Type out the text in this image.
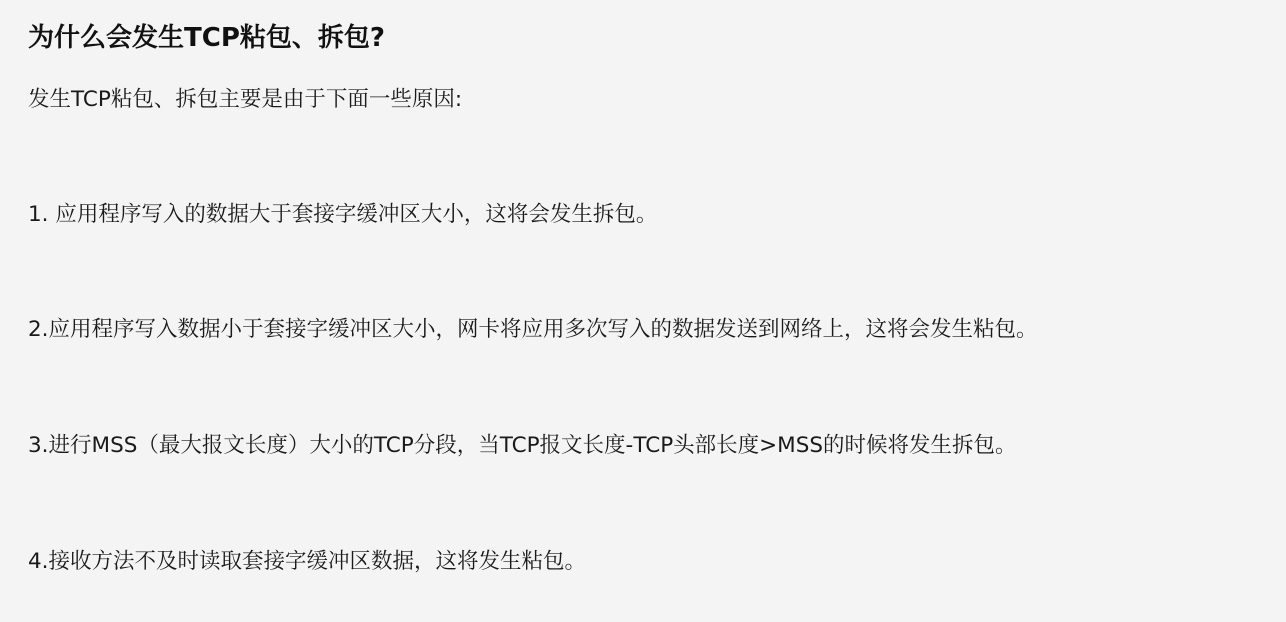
为什么会发生TCP粘包、拆包?

发生TCP粘包、拆包主要是由于下面一些原因:

1. 应用程序写入的数据大于套接字缓冲区大小，这将会发生拆包。

2.应用程序写入数据小于套接字缓冲区大小，网卡将应用多次写入的数据发送到网络上，这将会发生粘包。

3.进行MSS（最大报文长度）大小的TCP分段，当TCP报文长度-TCP头部长度>MSS的时候将发生拆包。

4.接收方法不及时读取套接字缓冲区数据，这将发生粘包。
